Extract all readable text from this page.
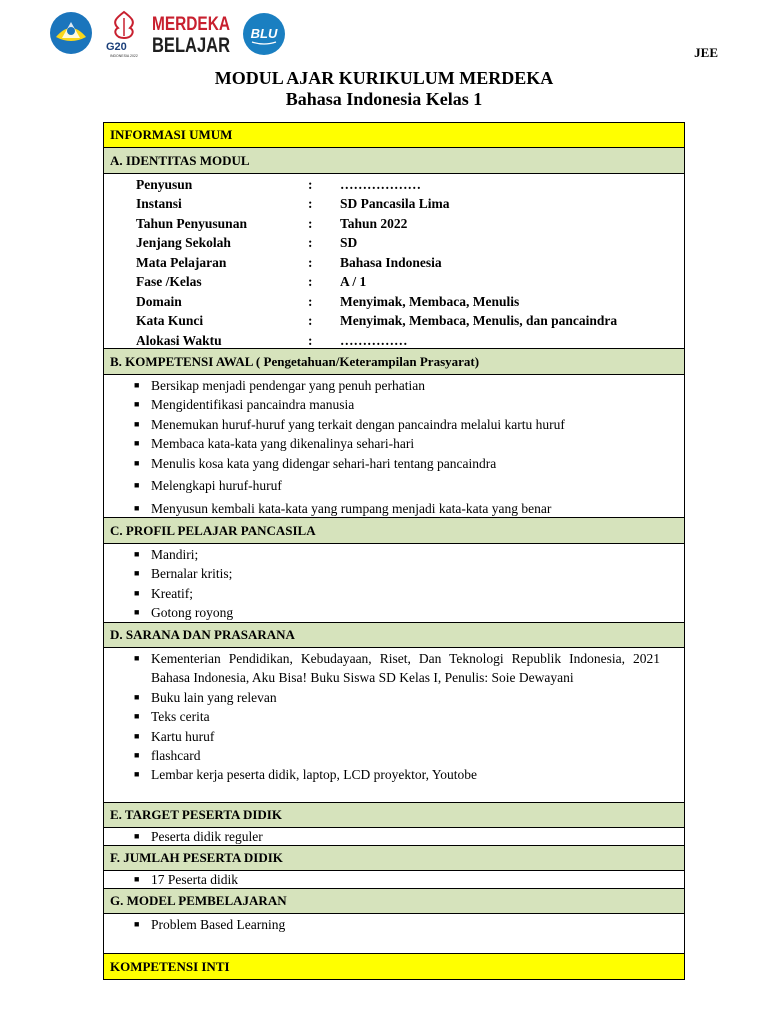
G20
INDONESIA 2022
MERDEKA
BELAJAR
BLU
JEE
MODUL AJAR KURIKULUM MERDEKA
Bahasa Indonesia Kelas 1
INFORMASI UMUM
A. IDENTITAS MODUL
Penyusun	:	………………
Instansi	:	SD Pancasila Lima
Tahun Penyusunan	:	Tahun 2022
Jenjang Sekolah	:	SD
Mata Pelajaran	:	Bahasa Indonesia
Fase /Kelas	:	A / 1
Domain	:	Menyimak, Membaca, Menulis
Kata Kunci	:	Menyimak, Membaca, Menulis, dan pancaindra
Alokasi Waktu	:	……………
B. KOMPETENSI AWAL ( Pengetahuan/Keterampilan Prasyarat)
■ Bersikap menjadi pendengar yang penuh perhatian
■ Mengidentifikasi pancaindra manusia
■ Menemukan huruf-huruf yang terkait dengan pancaindra melalui kartu huruf
■ Membaca kata-kata yang dikenalinya sehari-hari
■ Menulis kosa kata yang didengar sehari-hari tentang pancaindra
■ Melengkapi huruf-huruf
■ Menyusun kembali kata-kata yang rumpang menjadi kata-kata yang benar
C. PROFIL PELAJAR PANCASILA
■ Mandiri;
■ Bernalar kritis;
■ Kreatif;
■ Gotong royong
D. SARANA DAN PRASARANA
■ Kementerian Pendidikan, Kebudayaan, Riset, Dan Teknologi Republik Indonesia, 2021 Bahasa Indonesia, Aku Bisa! Buku Siswa SD Kelas I, Penulis: Soie Dewayani
■ Buku lain yang relevan
■ Teks cerita
■ Kartu huruf
■ flashcard
■ Lembar kerja peserta didik, laptop, LCD proyektor, Youtobe
E. TARGET PESERTA DIDIK
■ Peserta didik reguler
F. JUMLAH PESERTA DIDIK
■ 17 Peserta didik
G. MODEL PEMBELAJARAN
■ Problem Based Learning
KOMPETENSI INTI
